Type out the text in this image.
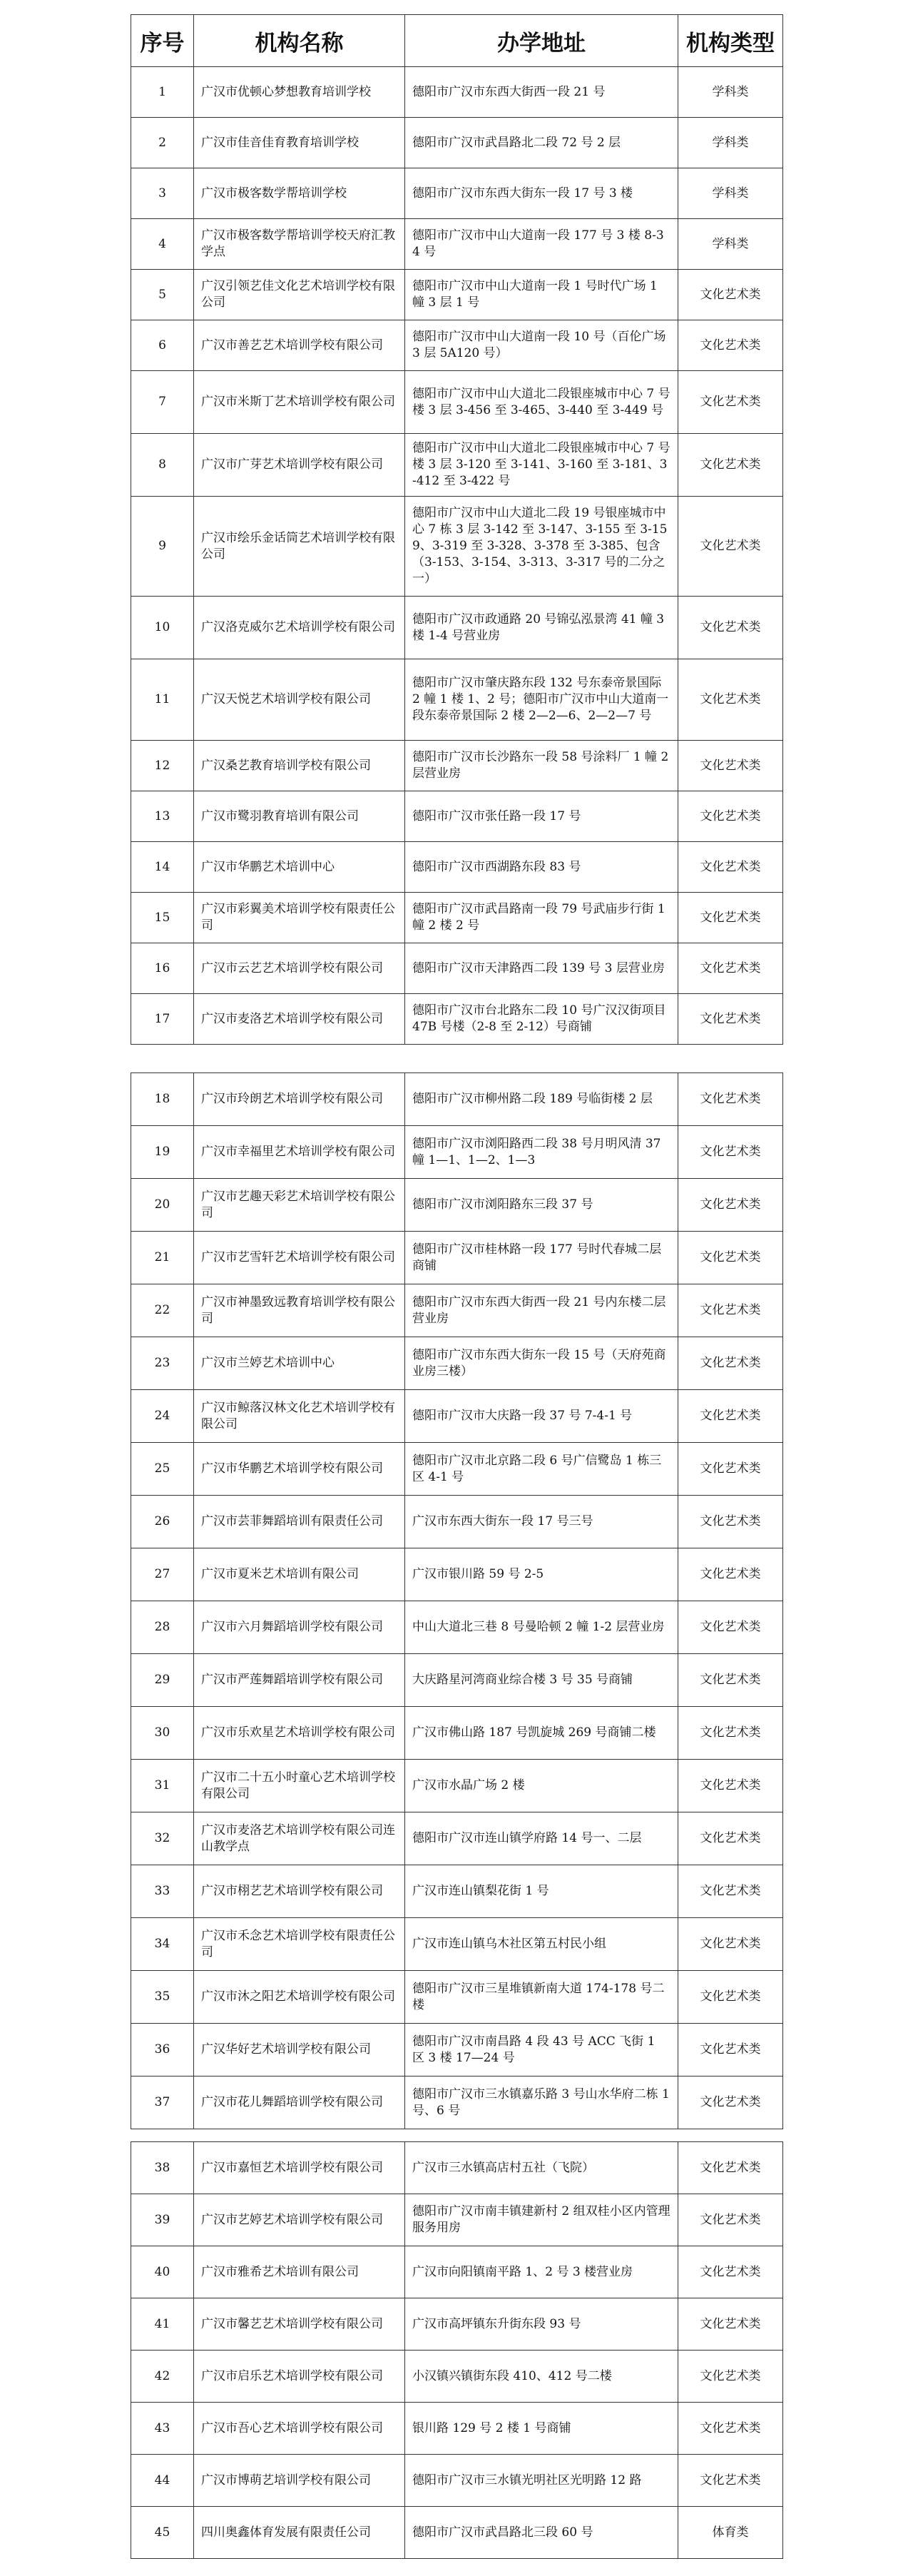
序号	机构名称	办学地址	机构类型
1	广汉市优顿心梦想教育培训学校	德阳市广汉市东西大街西一段 21 号	学科类
2	广汉市佳音佳育教育培训学校	德阳市广汉市武昌路北二段 72 号 2 层	学科类
3	广汉市极客数学帮培训学校	德阳市广汉市东西大街东一段 17 号 3 楼	学科类
4	广汉市极客数学帮培训学校天府汇教学点	德阳市广汉市中山大道南一段 177 号 3 楼 8-34 号	学科类
5	广汉引领艺佳文化艺术培训学校有限公司	德阳市广汉市中山大道南一段 1 号时代广场 1 幢 3 层 1 号	文化艺术类
6	广汉市善艺艺术培训学校有限公司	德阳市广汉市中山大道南一段 10 号（百伦广场 3 层 5A120 号）	文化艺术类
7	广汉市米斯丁艺术培训学校有限公司	德阳市广汉市中山大道北二段银座城市中心 7 号楼 3 层 3-456 至 3-465、3-440 至 3-449 号	文化艺术类
8	广汉市广芽艺术培训学校有限公司	德阳市广汉市中山大道北二段银座城市中心 7 号楼 3 层 3-120 至 3-141、3-160 至 3-181、3-412 至 3-422 号	文化艺术类
9	广汉市绘乐金话筒艺术培训学校有限公司	德阳市广汉市中山大道北二段 19 号银座城市中心 7 栋 3 层 3-142 至 3-147、3-155 至 3-159、3-319 至 3-328、3-378 至 3-385、包含（3-153、3-154、3-313、3-317 号的二分之一）	文化艺术类
10	广汉洛克威尔艺术培训学校有限公司	德阳市广汉市政通路 20 号锦弘泓景湾 41 幢 3 楼 1-4 号营业房	文化艺术类
11	广汉天悦艺术培训学校有限公司	德阳市广汉市肇庆路东段 132 号东泰帝景国际 2 幢 1 楼 1、2 号；德阳市广汉市中山大道南一段东泰帝景国际 2 楼 2—2—6、2—2—7 号	文化艺术类
12	广汉桑艺教育培训学校有限公司	德阳市广汉市长沙路东一段 58 号涂料厂 1 幢 2 层营业房	文化艺术类
13	广汉市鹭羽教育培训有限公司	德阳市广汉市张任路一段 17 号	文化艺术类
14	广汉市华鹏艺术培训中心	德阳市广汉市西湖路东段 83 号	文化艺术类
15	广汉市彩翼美术培训学校有限责任公司	德阳市广汉市武昌路南一段 79 号武庙步行街 1 幢 2 楼 2 号	文化艺术类
16	广汉市云艺艺术培训学校有限公司	德阳市广汉市天津路西二段 139 号 3 层营业房	文化艺术类
17	广汉市麦洛艺术培训学校有限公司	德阳市广汉市台北路东二段 10 号广汉汉街项目 47B 号楼（2-8 至 2-12）号商铺	文化艺术类
18	广汉市玲朗艺术培训学校有限公司	德阳市广汉市柳州路二段 189 号临街楼 2 层	文化艺术类
19	广汉市幸福里艺术培训学校有限公司	德阳市广汉市浏阳路西二段 38 号月明风清 37 幢 1—1、1—2、1—3	文化艺术类
20	广汉市艺趣天彩艺术培训学校有限公司	德阳市广汉市浏阳路东三段 37 号	文化艺术类
21	广汉市艺雪轩艺术培训学校有限公司	德阳市广汉市桂林路一段 177 号时代春城二层商铺	文化艺术类
22	广汉市神墨致远教育培训学校有限公司	德阳市广汉市东西大街西一段 21 号内东楼二层营业房	文化艺术类
23	广汉市兰婷艺术培训中心	德阳市广汉市东西大街东一段 15 号（天府苑商业房三楼）	文化艺术类
24	广汉市鲸落汉林文化艺术培训学校有限公司	德阳市广汉市大庆路一段 37 号 7-4-1 号	文化艺术类
25	广汉市华鹏艺术培训学校有限公司	德阳市广汉市北京路二段 6 号广信鹭岛 1 栋三区 4-1 号	文化艺术类
26	广汉市芸菲舞蹈培训有限责任公司	广汉市东西大街东一段 17 号三号	文化艺术类
27	广汉市夏米艺术培训有限公司	广汉市银川路 59 号 2-5	文化艺术类
28	广汉市六月舞蹈培训学校有限公司	中山大道北三巷 8 号曼哈顿 2 幢 1-2 层营业房	文化艺术类
29	广汉市严莲舞蹈培训学校有限公司	大庆路星河湾商业综合楼 3 号 35 号商铺	文化艺术类
30	广汉市乐欢星艺术培训学校有限公司	广汉市佛山路 187 号凯旋城 269 号商铺二楼	文化艺术类
31	广汉市二十五小时童心艺术培训学校有限公司	广汉市水晶广场 2 楼	文化艺术类
32	广汉市麦洛艺术培训学校有限公司连山教学点	德阳市广汉市连山镇学府路 14 号一、二层	文化艺术类
33	广汉市栩艺艺术培训学校有限公司	广汉市连山镇梨花街 1 号	文化艺术类
34	广汉市禾念艺术培训学校有限责任公司	广汉市连山镇乌木社区第五村民小组	文化艺术类
35	广汉市沐之阳艺术培训学校有限公司	德阳市广汉市三星堆镇新南大道 174-178 号二楼	文化艺术类
36	广汉华好艺术培训学校有限公司	德阳市广汉市南昌路 4 段 43 号 ACC 飞街 1 区 3 楼 17—24 号	文化艺术类
37	广汉市花儿舞蹈培训学校有限公司	德阳市广汉市三水镇嘉乐路 3 号山水华府二栋 1 号、6 号	文化艺术类
38	广汉市嘉恒艺术培训学校有限公司	广汉市三水镇高店村五社（飞院）	文化艺术类
39	广汉市艺婷艺术培训学校有限公司	德阳市广汉市南丰镇建新村 2 组双桂小区内管理服务用房	文化艺术类
40	广汉市雅希艺术培训有限公司	广汉市向阳镇南平路 1、2 号 3 楼营业房	文化艺术类
41	广汉市馨艺艺术培训学校有限公司	广汉市高坪镇东升街东段 93 号	文化艺术类
42	广汉市启乐艺术培训学校有限公司	小汉镇兴镇街东段 410、412 号二楼	文化艺术类
43	广汉市吾心艺术培训学校有限公司	银川路 129 号 2 楼 1 号商铺	文化艺术类
44	广汉市博萌艺培训学校有限公司	德阳市广汉市三水镇光明社区光明路 12 路	文化艺术类
45	四川奥鑫体育发展有限责任公司	德阳市广汉市武昌路北三段 60 号	体育类
